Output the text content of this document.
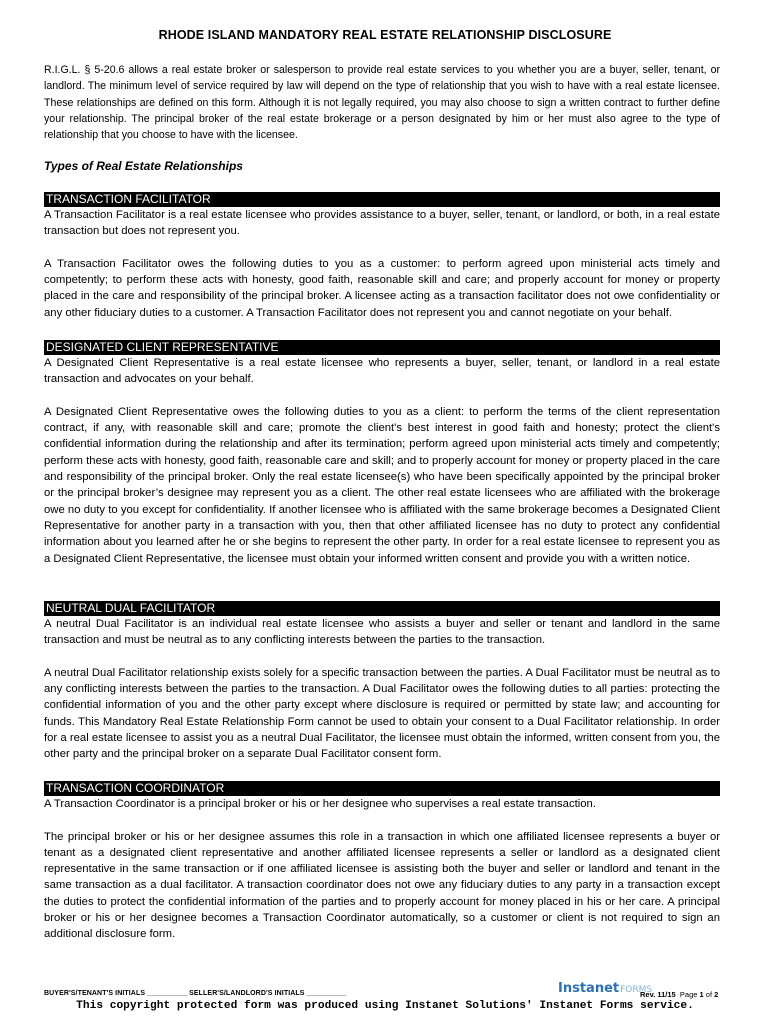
RHODE ISLAND MANDATORY REAL ESTATE RELATIONSHIP DISCLOSURE

R.I.G.L. § 5-20.6 allows a real estate broker or salesperson to provide real estate services to you whether you are a buyer, seller, tenant, or landlord. The minimum level of service required by law will depend on the type of relationship that you wish to have with a real estate licensee. These relationships are defined on this form. Although it is not legally required, you may also choose to sign a written contract to further define your relationship. The principal broker of the real estate brokerage or a person designated by him or her must also agree to the type of relationship that you choose to have with the licensee.

Types of Real Estate Relationships
TRANSACTION FACILITATOR

A Transaction Facilitator is a real estate licensee who provides assistance to a buyer, seller, tenant, or landlord, or both, in a real estate transaction but does not represent you.

A Transaction Facilitator owes the following duties to you as a customer: to perform agreed upon ministerial acts timely and competently; to perform these acts with honesty, good faith, reasonable skill and care; and properly account for money or property placed in the care and responsibility of the principal broker. A licensee acting as a transaction facilitator does not owe confidentiality or any other fiduciary duties to a customer. A Transaction Facilitator does not represent you and cannot negotiate on your behalf.

DESIGNATED CLIENT REPRESENTATIVE

A Designated Client Representative is a real estate licensee who represents a buyer, seller, tenant, or landlord in a real estate transaction and advocates on your behalf.

A Designated Client Representative owes the following duties to you as a client: to perform the terms of the client representation contract, if any, with reasonable skill and care; promote the client's best interest in good faith and honesty; protect the client's confidential information during the relationship and after its termination; perform agreed upon ministerial acts timely and competently; perform these acts with honesty, good faith, reasonable care and skill; and to properly account for money or property placed in the care and responsibility of the principal broker. Only the real estate licensee(s) who have been specifically appointed by the principal broker or the principal broker’s designee may represent you as a client. The other real estate licensees who are affiliated with the brokerage owe no duty to you except for confidentiality. If another licensee who is affiliated with the same brokerage becomes a Designated Client Representative for another party in a transaction with you, then that other affiliated licensee has no duty to protect any confidential information about you learned after he or she begins to represent the other party. In order for a real estate licensee to represent you as a Designated Client Representative, the licensee must obtain your informed written consent and provide you with a written notice.

NEUTRAL DUAL FACILITATOR

A neutral Dual Facilitator is an individual real estate licensee who assists a buyer and seller or tenant and landlord in the same transaction and must be neutral as to any conflicting interests between the parties to the transaction.

A neutral Dual Facilitator relationship exists solely for a specific transaction between the parties. A Dual Facilitator must be neutral as to any conflicting interests between the parties to the transaction. A Dual Facilitator owes the following duties to all parties: protecting the confidential information of you and the other party except where disclosure is required or permitted by state law; and accounting for funds. This Mandatory Real Estate Relationship Form cannot be used to obtain your consent to a Dual Facilitator relationship. In order for a real estate licensee to assist you as a neutral Dual Facilitator, the licensee must obtain the informed, written consent from you, the other party and the principal broker on a separate Dual Facilitator consent form.

TRANSACTION COORDINATOR

A Transaction Coordinator is a principal broker or his or her designee who supervises a real estate transaction.

The principal broker or his or her designee assumes this role in a transaction in which one affiliated licensee represents a buyer or tenant as a designated client representative and another affiliated licensee represents a seller or landlord as a designated client representative in the same transaction or if one affiliated licensee is assisting both the buyer and seller or landlord and tenant in the same transaction as a dual facilitator. A transaction coordinator does not owe any fiduciary duties to any party in a transaction except the duties to protect the confidential information of the parties and to properly account for money placed in his or her care. A principal broker or his or her designee becomes a Transaction Coordinator automatically, so a customer or client is not required to sign an additional disclosure form.

BUYER'S/TENANT'S INITIALS __________ SELLER'S/LANDLORD'S INITIALS __________	InstanetFORMS
Rev. 11/15 Page 1 of 2
This copyright protected form was produced using Instanet Solutions' Instanet Forms service.
